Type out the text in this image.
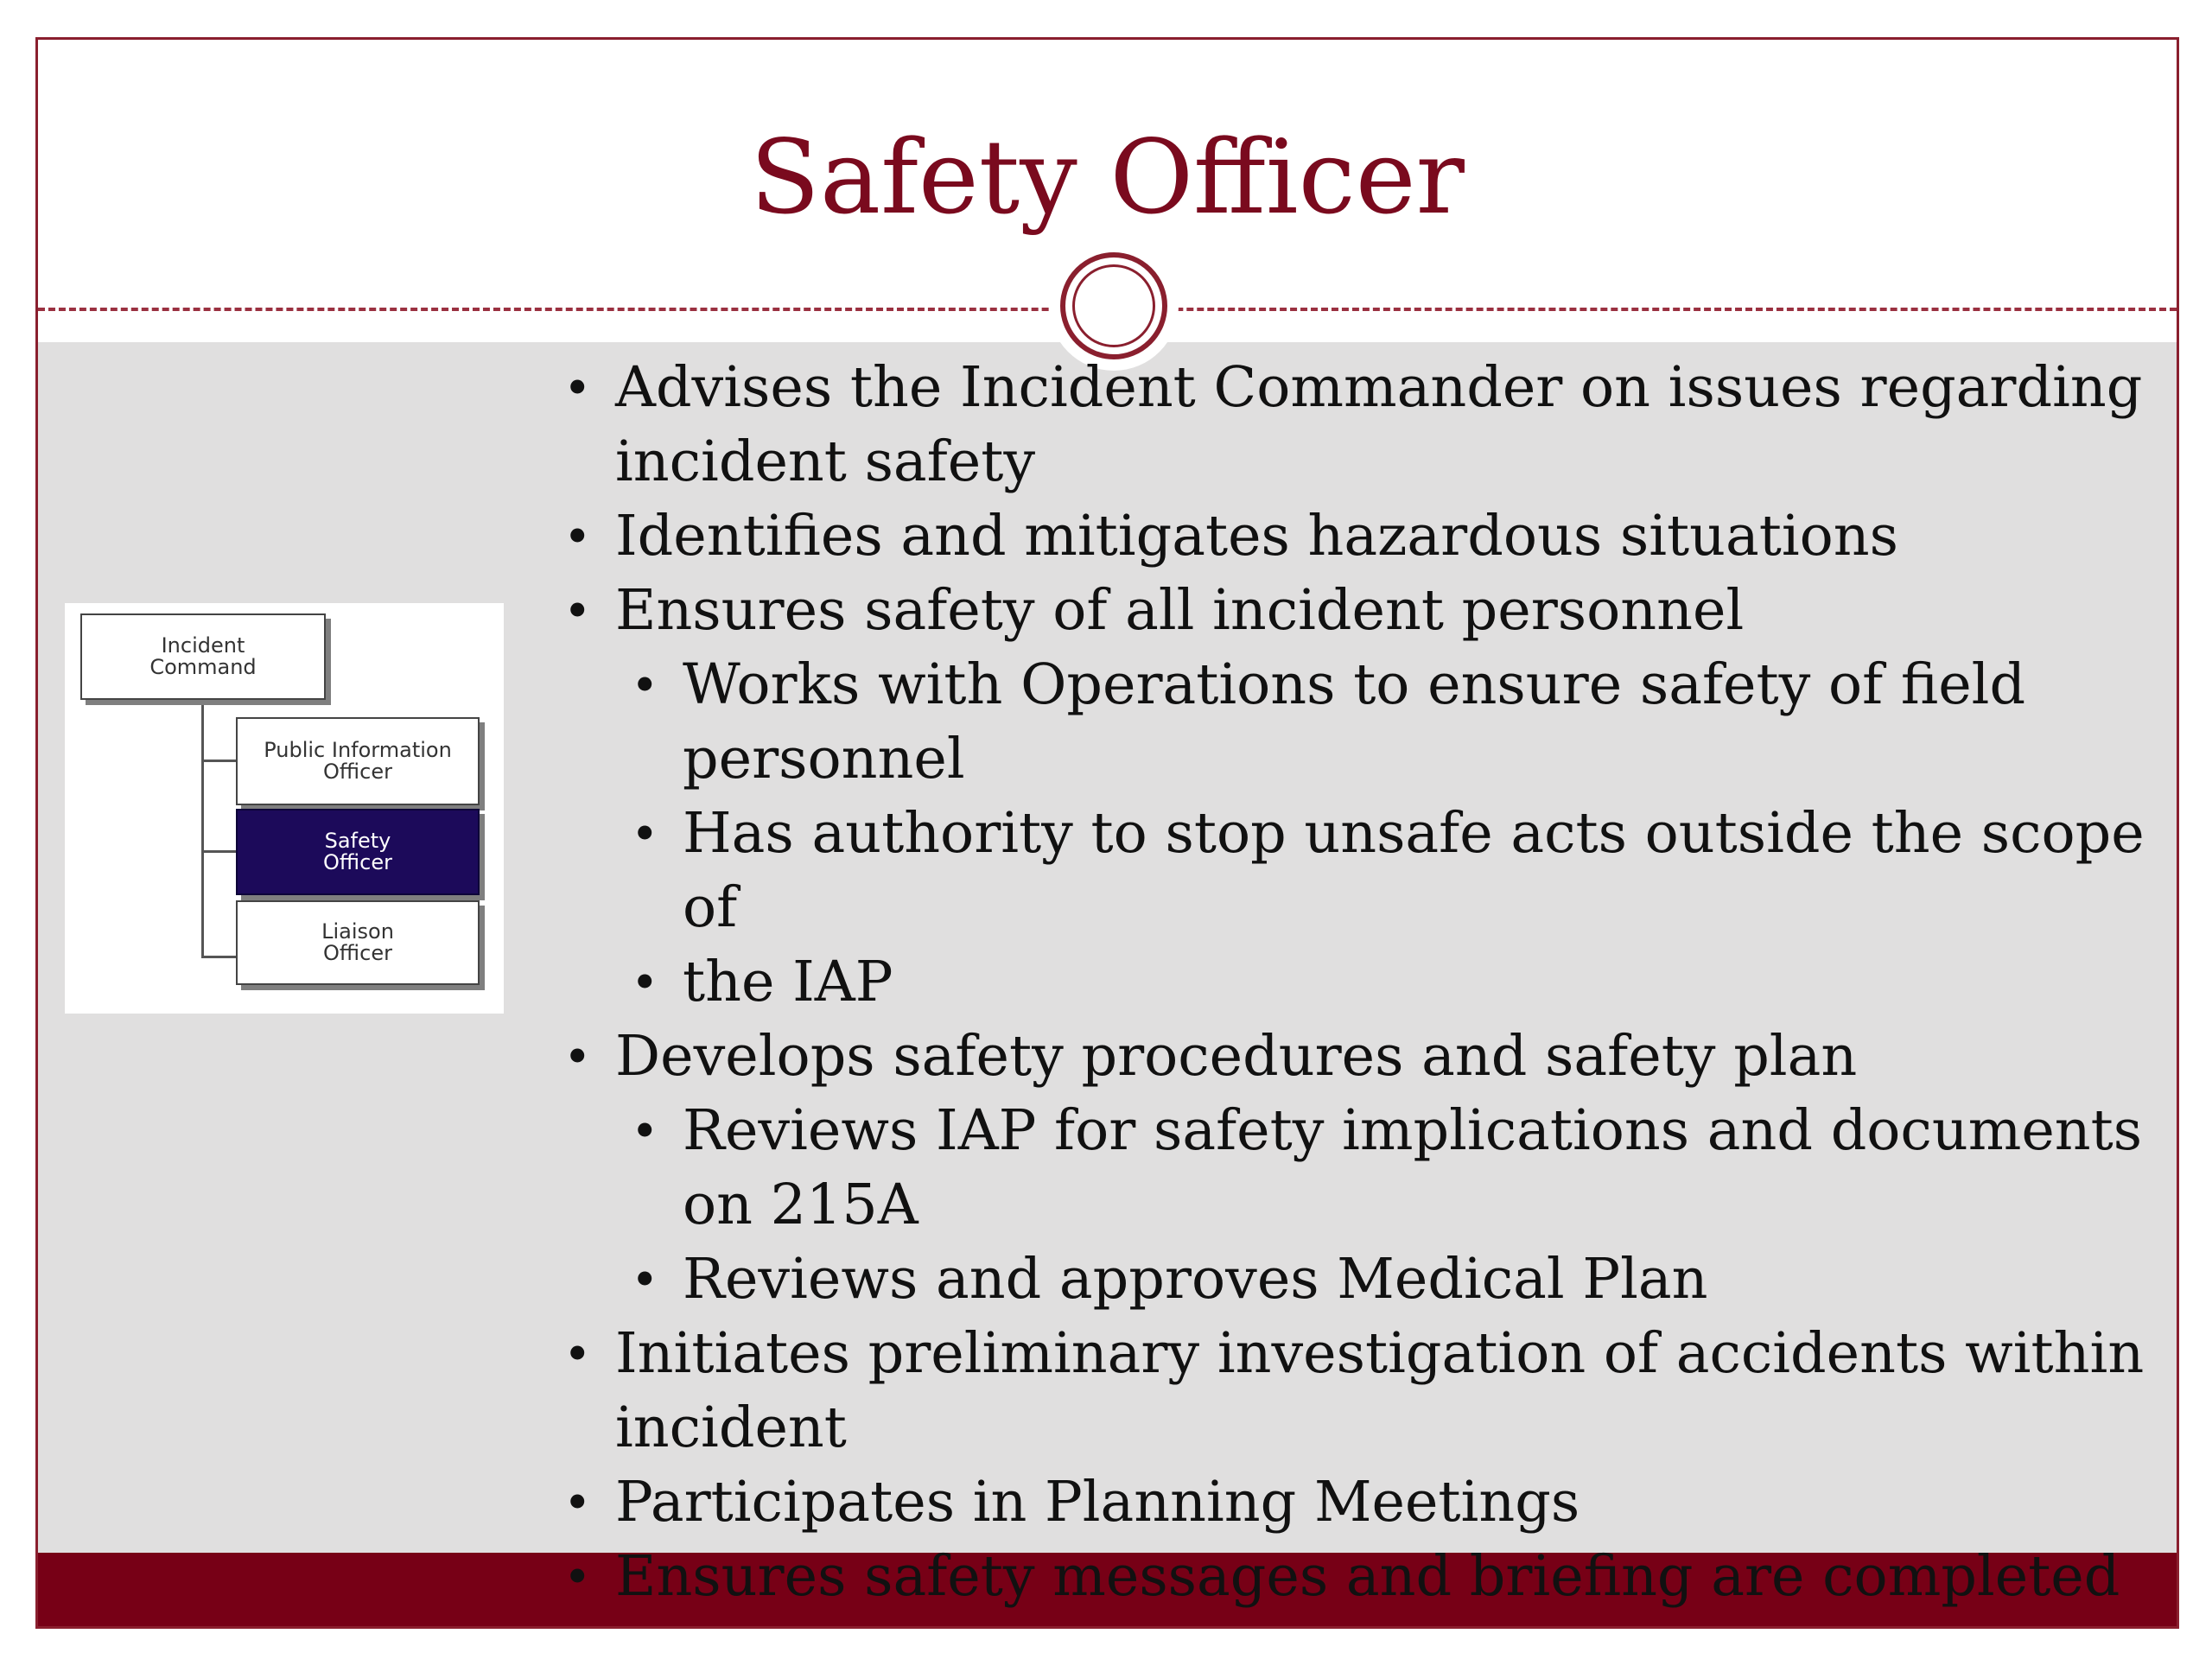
Safety Officer
Incident
Command
Public Information
Officer
Safety
Officer
Liaison
Officer
• Advises the Incident Commander on issues regarding incident safety
• Identifies and mitigates hazardous situations
• Ensures safety of all incident personnel
• Works with Operations to ensure safety of field personnel
• Has authority to stop unsafe acts outside the scope of
• the IAP
• Develops safety procedures and safety plan
• Reviews IAP for safety implications and documents on 215A
• Reviews and approves Medical Plan
• Initiates preliminary investigation of accidents within incident
• Participates in Planning Meetings
• Ensures safety messages and briefing are completed
